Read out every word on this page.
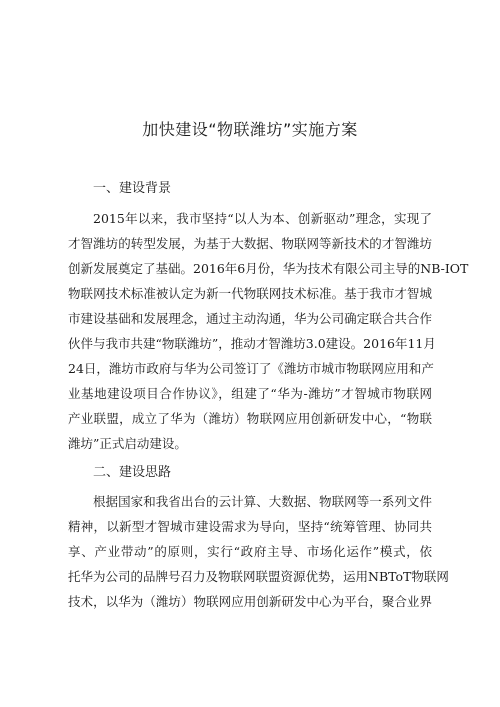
加快建设“物联潍坊”实施方案
一、建设背景
2015年以来，我市坚持“以人为本、创新驱动”理念，实现了
才智潍坊的转型发展，为基于大数据、物联网等新技术的才智潍坊
创新发展奠定了基础。2016年6月份，华为技术有限公司主导的NB-IOT
物联网技术标准被认定为新一代物联网技术标准。基于我市才智城
市建设基础和发展理念，通过主动沟通，华为公司确定联合共合作
伙伴与我市共建“物联潍坊”，推动才智潍坊3.0建设。2016年11月
24日，潍坊市政府与华为公司签订了《潍坊市城市物联网应用和产
业基地建设项目合作协议》，组建了“华为-潍坊”才智城市物联网
产业联盟，成立了华为（潍坊）物联网应用创新研发中心，“物联
潍坊”正式启动建设。
二、建设思路
根据国家和我省出台的云计算、大数据、物联网等一系列文件
精神，以新型才智城市建设需求为导向，坚持“统筹管理、协同共
享、产业带动”的原则，实行“政府主导、市场化运作”模式，依
托华为公司的品牌号召力及物联网联盟资源优势，运用NBToT物联网
技术，以华为（潍坊）物联网应用创新研发中心为平台，聚合业界
